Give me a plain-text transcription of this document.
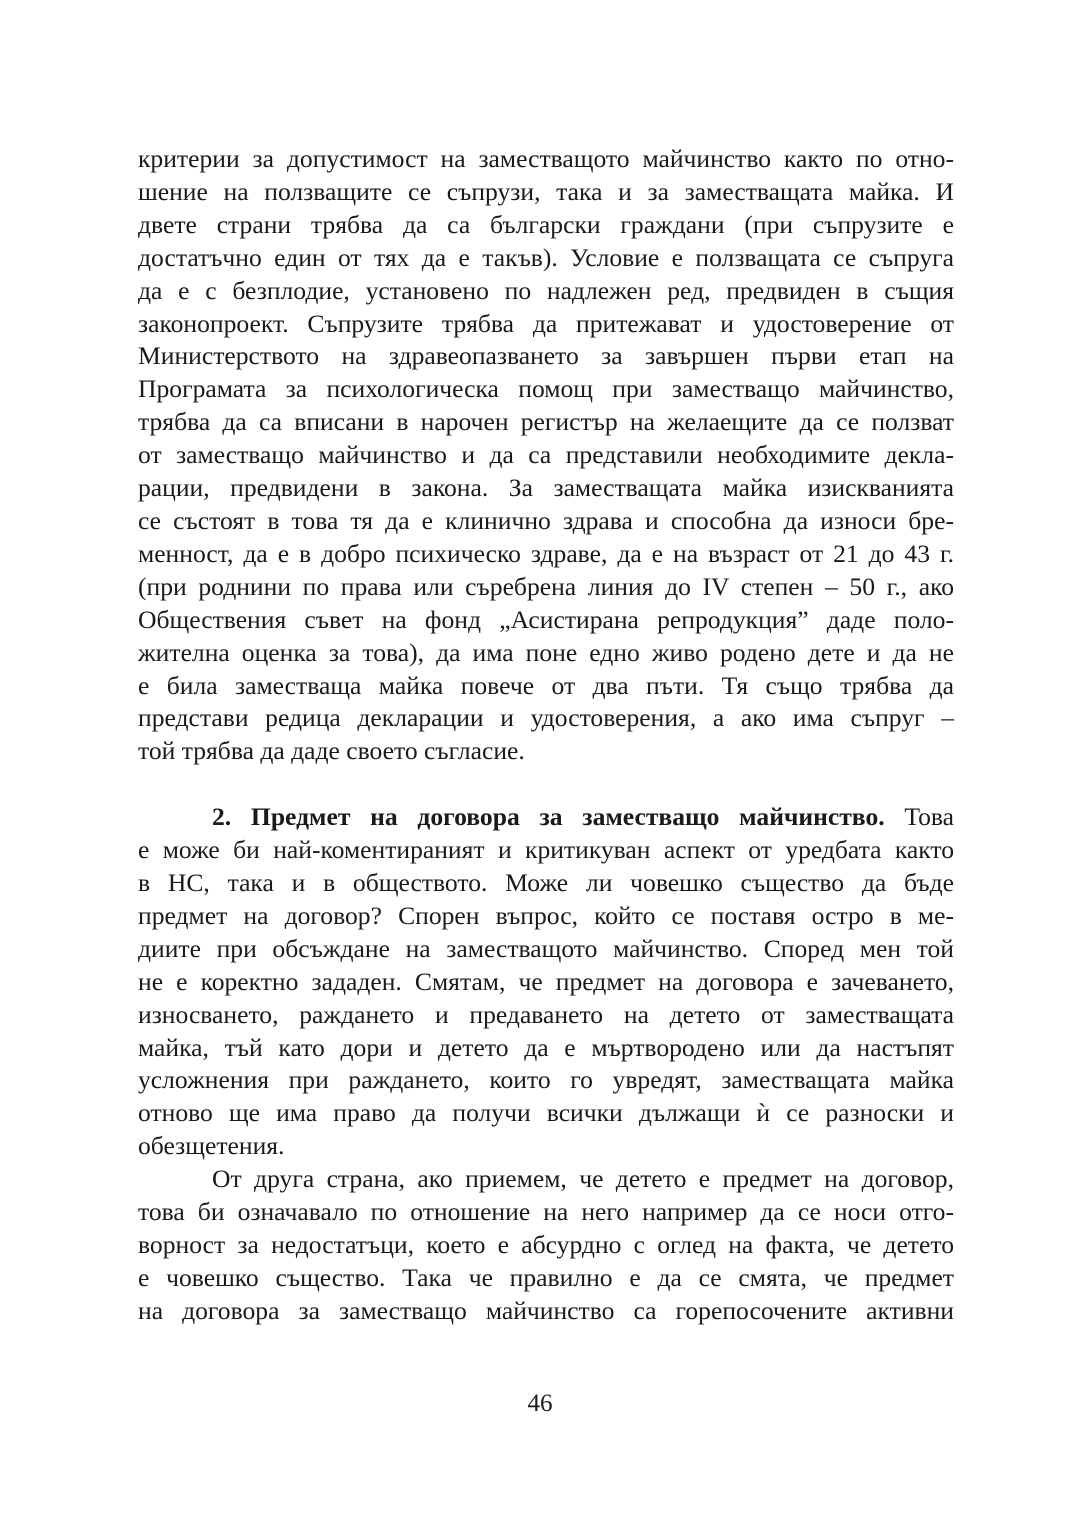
критерии за допустимост на заместващото майчинство както по отно-
шение на ползващите се съпрузи, така и за заместващата майка. И
двете страни трябва да са български граждани (при съпрузите е
достатъчно един от тях да е такъв). Условие е ползващата се съпруга
да е с безплодие, установено по надлежен ред, предвиден в същия
законопроект. Съпрузите трябва да притежават и удостоверение от
Министерството на здравеопазването за завършен първи етап на
Програмата за психологическа помощ при заместващо майчинство,
трябва да са вписани в нарочен регистър на желаещите да се ползват
от заместващо майчинство и да са представили необходимите декла-
рации, предвидени в закона. За заместващата майка изискванията
се състоят в това тя да е клинично здрава и способна да износи бре-
менност, да е в добро психическо здраве, да е на възраст от 21 до 43 г.
(при роднини по права или съребрена линия до IV степен – 50 г., ако
Обществения съвет на фонд „Асистирана репродукция” даде поло-
жителна оценка за това), да има поне едно живо родено дете и да не
е била заместваща майка повече от два пъти. Тя също трябва да
представи редица декларации и удостоверения, а ако има съпруг –
той трябва да даде своето съгласие.

2. Предмет на договора за заместващо майчинство. Това
е може би най-коментираният и критикуван аспект от уредбата както
в НС, така и в обществото. Може ли човешко същество да бъде
предмет на договор? Спорен въпрос, който се поставя остро в ме-
диите при обсъждане на заместващото майчинство. Според мен той
не е коректно зададен. Смятам, че предмет на договора е зачеването,
износването, раждането и предаването на детето от заместващата
майка, тъй като дори и детето да е мъртвородено или да настъпят
усложнения при раждането, които го увредят, заместващата майка
отново ще има право да получи всички дължащи ѝ се разноски и
обезщетения.

От друга страна, ако приемем, че детето е предмет на договор,
това би означавало по отношение на него например да се носи отго-
ворност за недостатъци, което е абсурдно с оглед на факта, че детето
е човешко същество. Така че правилно е да се смята, че предмет
на договора за заместващо майчинство са горепосочените активни

46
